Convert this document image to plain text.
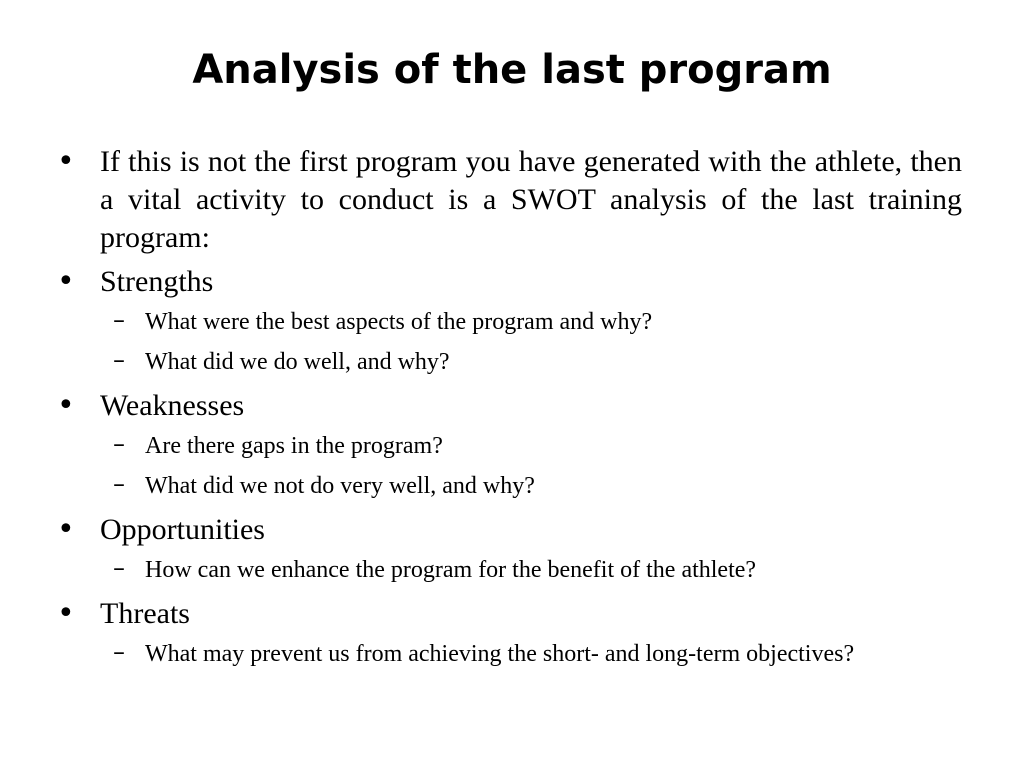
Analysis of the last program
• If this is not the first program you have generated with the athlete, then a vital activity to conduct is a SWOT analysis of the last training program:
• Strengths
– What were the best aspects of the program and why?
– What did we do well, and why?
• Weaknesses
– Are there gaps in the program?
– What did we not do very well, and why?
• Opportunities
– How can we enhance the program for the benefit of the athlete?
• Threats
– What may prevent us from achieving the short- and long-term objectives?
